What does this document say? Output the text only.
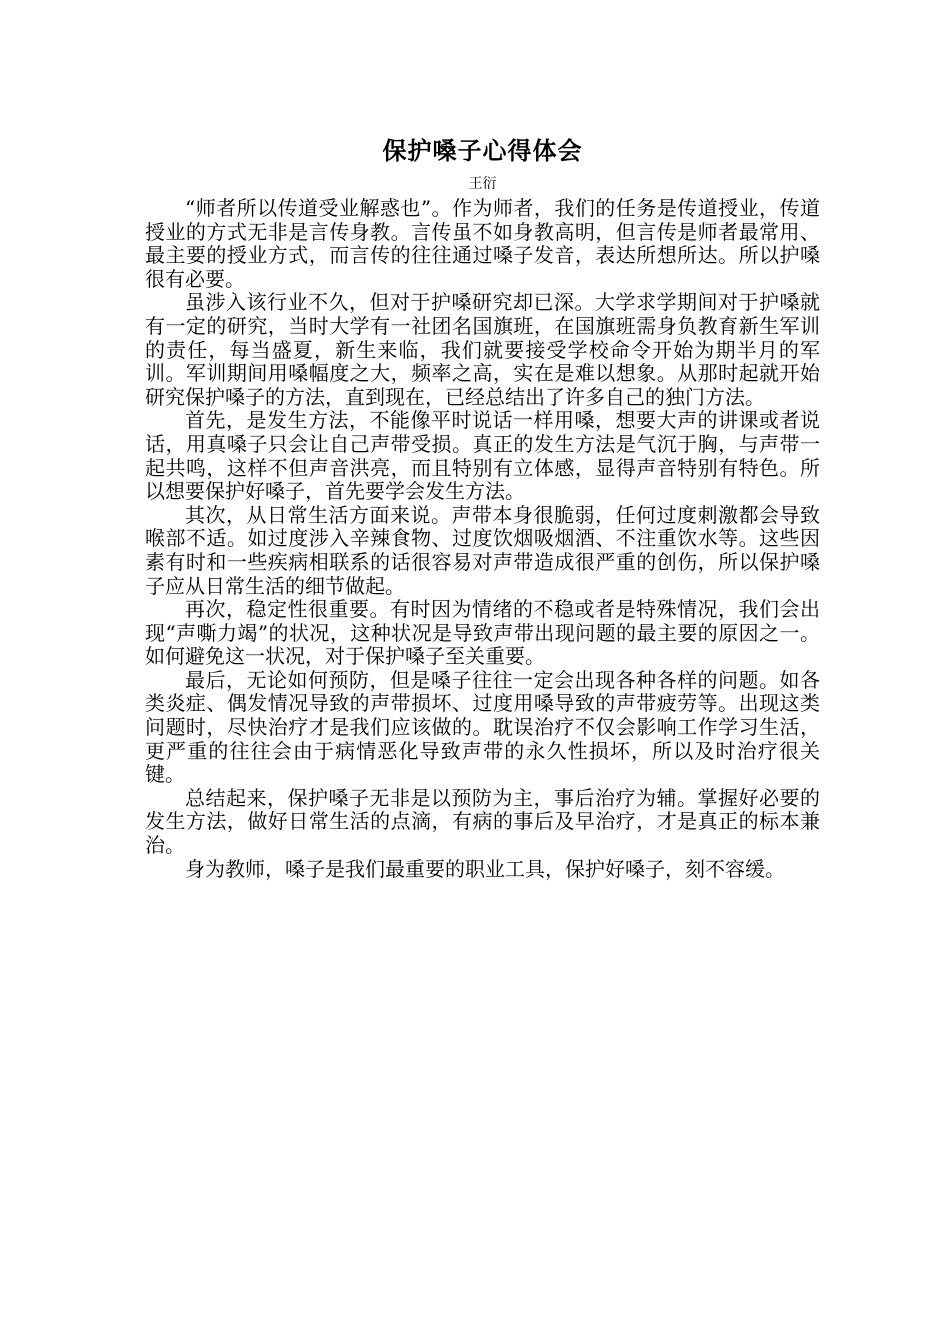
保护嗓子心得体会
王衍

“师者所以传道受业解惑也”。作为师者，我们的任务是传道授业，传道授业的方式无非是言传身教。言传虽不如身教高明，但言传是师者最常用、最主要的授业方式，而言传的往往通过嗓子发音，表达所想所达。所以护嗓很有必要。

虽涉入该行业不久，但对于护嗓研究却已深。大学求学期间对于护嗓就有一定的研究，当时大学有一社团名国旗班，在国旗班需身负教育新生军训的责任，每当盛夏，新生来临，我们就要接受学校命令开始为期半月的军训。军训期间用嗓幅度之大，频率之高，实在是难以想象。从那时起就开始研究保护嗓子的方法，直到现在，已经总结出了许多自己的独门方法。

首先，是发生方法，不能像平时说话一样用嗓，想要大声的讲课或者说话，用真嗓子只会让自己声带受损。真正的发生方法是气沉于胸，与声带一起共鸣，这样不但声音洪亮，而且特别有立体感，显得声音特别有特色。所以想要保护好嗓子，首先要学会发生方法。

其次，从日常生活方面来说。声带本身很脆弱，任何过度刺激都会导致喉部不适。如过度涉入辛辣食物、过度饮烟吸烟酒、不注重饮水等。这些因素有时和一些疾病相联系的话很容易对声带造成很严重的创伤，所以保护嗓子应从日常生活的细节做起。

再次，稳定性很重要。有时因为情绪的不稳或者是特殊情况，我们会出现“声嘶力竭”的状况，这种状况是导致声带出现问题的最主要的原因之一。如何避免这一状况，对于保护嗓子至关重要。

最后，无论如何预防，但是嗓子往往一定会出现各种各样的问题。如各类炎症、偶发情况导致的声带损坏、过度用嗓导致的声带疲劳等。出现这类问题时，尽快治疗才是我们应该做的。耽误治疗不仅会影响工作学习生活，更严重的往往会由于病情恶化导致声带的永久性损坏，所以及时治疗很关键。

总结起来，保护嗓子无非是以预防为主，事后治疗为辅。掌握好必要的发生方法，做好日常生活的点滴，有病的事后及早治疗，才是真正的标本兼治。

身为教师，嗓子是我们最重要的职业工具，保护好嗓子，刻不容缓。
